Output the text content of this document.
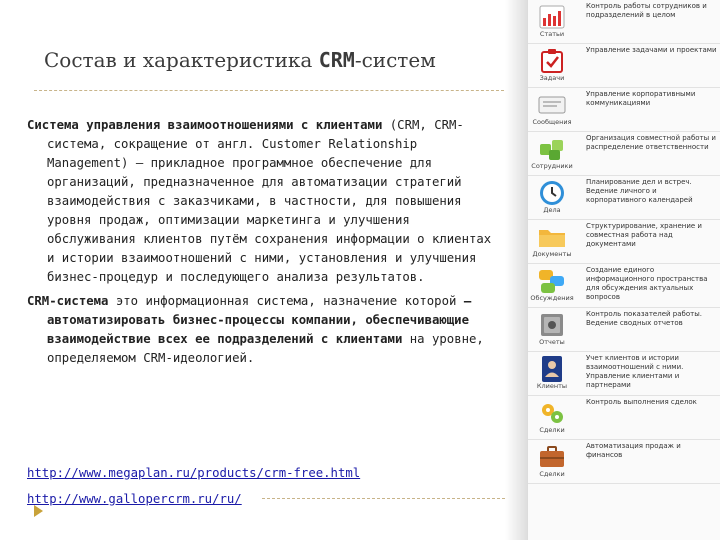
Состав и характеристика CRM-систем

Система управления взаимоотношениями с клиентами (CRM, CRM-система, сокращение от англ. Customer Relationship Management) — прикладное программное обеспечение для организаций, предназначенное для автоматизации стратегий взаимодействия с заказчиками, в частности, для повышения уровня продаж, оптимизации маркетинга и улучшения обслуживания клиентов путём сохранения информации о клиентах и истории взаимоотношений с ними, установления и улучшения бизнес-процедур и последующего анализа результатов.

CRM-система это информационная система, назначение которой – автоматизировать бизнес-процессы компании, обеспечивающие взаимодействие всех ее подразделений с клиентами на уровне, определяемом CRM-идеологией.

http://www.megaplan.ru/products/crm-free.html
http://www.gallopercrm.ru/ru/
Статьи
Контроль работы сотрудников и подразделений в целом
Задачи
Управление задачами и проектами
Сообщения
Управление корпоративными коммуникациями
Сотрудники
Организация совместной работы и распределение ответственности
Дела
Планирование дел и встреч. Ведение личного и корпоративного календарей
Документы
Структурирование, хранение и совместная работа над документами
Обсуждения
Создание единого информационного пространства для обсуждения актуальных вопросов
Отчеты
Контроль показателей работы. Ведение сводных отчетов
Клиенты
Учет клиентов и истории взаимоотношений с ними. Управление клиентами и партнерами
Сделки
Контроль выполнения сделок
Сделки
Автоматизация продаж и финансов
